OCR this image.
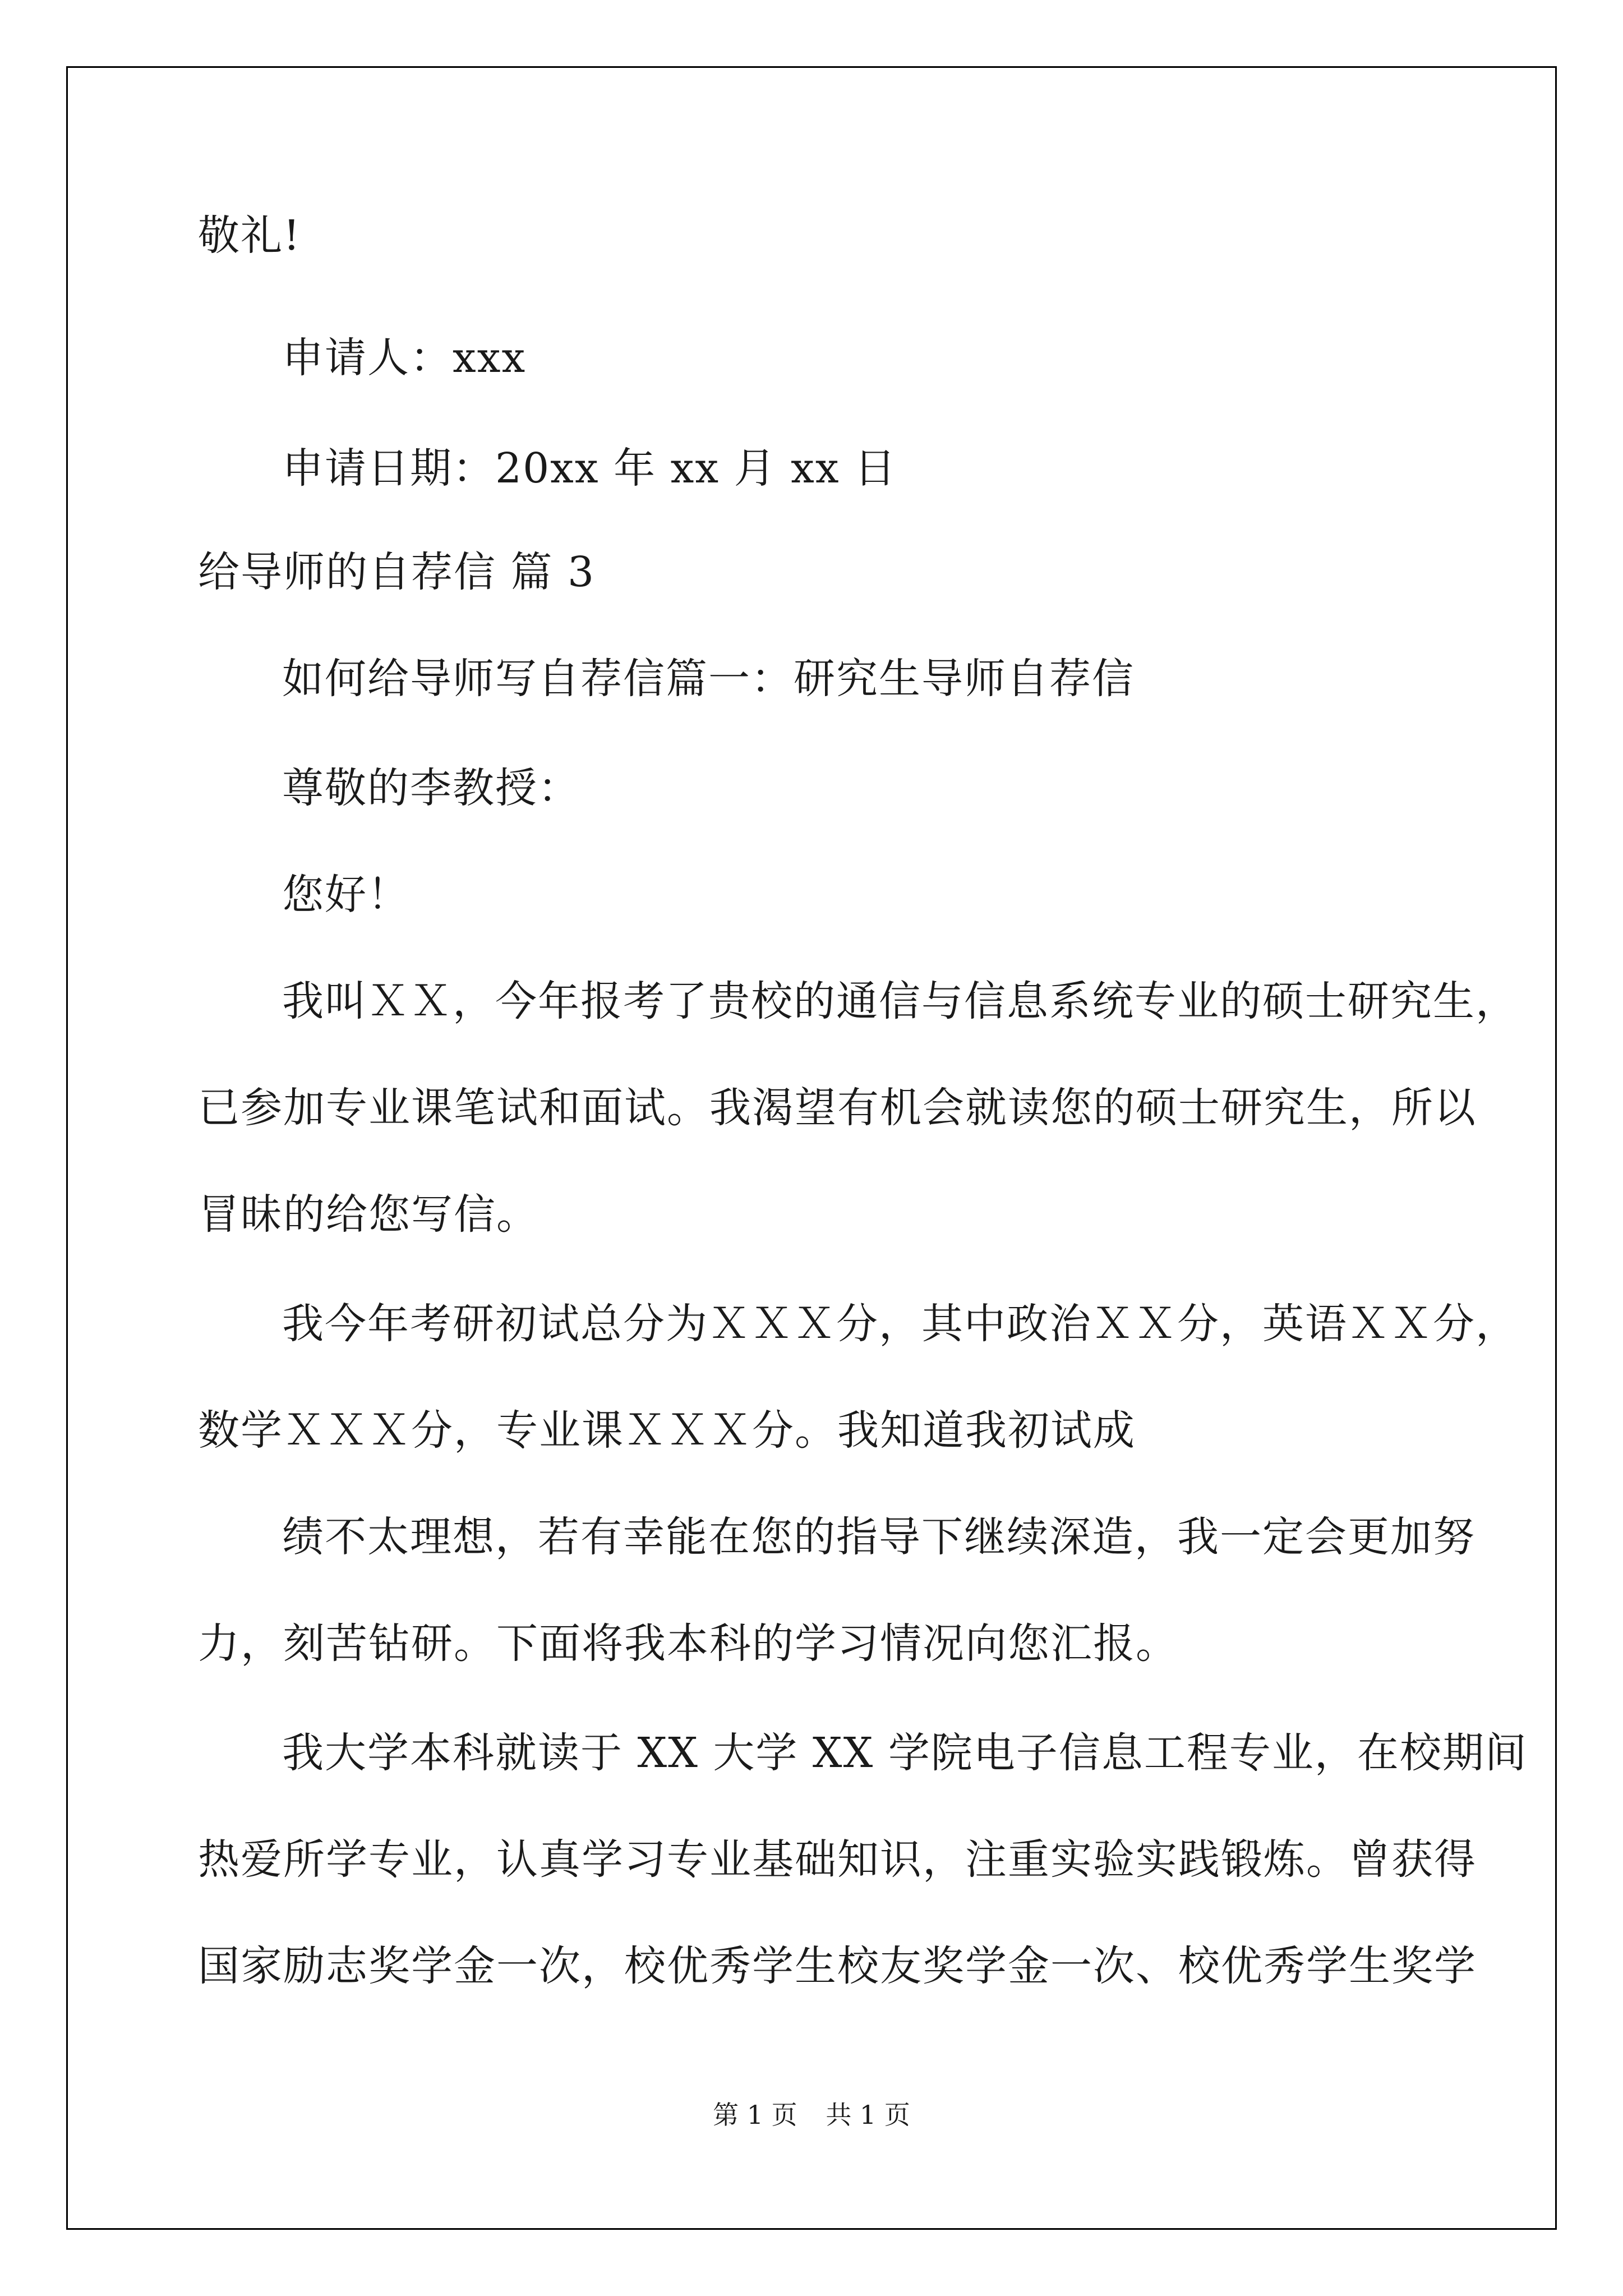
敬礼!
申请人：xxx
申请日期：20xx 年 xx 月 xx 日
给导师的自荐信 篇 3
如何给导师写自荐信篇一：研究生导师自荐信
尊敬的李教授：
您好！
我叫ＸＸ，今年报考了贵校的通信与信息系统专业的硕士研究生，
已参加专业课笔试和面试。我渴望有机会就读您的硕士研究生，所以
冒昧的给您写信。
我今年考研初试总分为ＸＸＸ分，其中政治ＸＸ分，英语ＸＸ分，
数学ＸＸＸ分，专业课ＸＸＸ分。我知道我初试成
绩不太理想，若有幸能在您的指导下继续深造，我一定会更加努
力，刻苦钻研。下面将我本科的学习情况向您汇报。
我大学本科就读于 XX 大学 XX 学院电子信息工程专业，在校期间
热爱所学专业，认真学习专业基础知识，注重实验实践锻炼。曾获得
国家励志奖学金一次，校优秀学生校友奖学金一次、校优秀学生奖学
第 1 页 共 1 页
